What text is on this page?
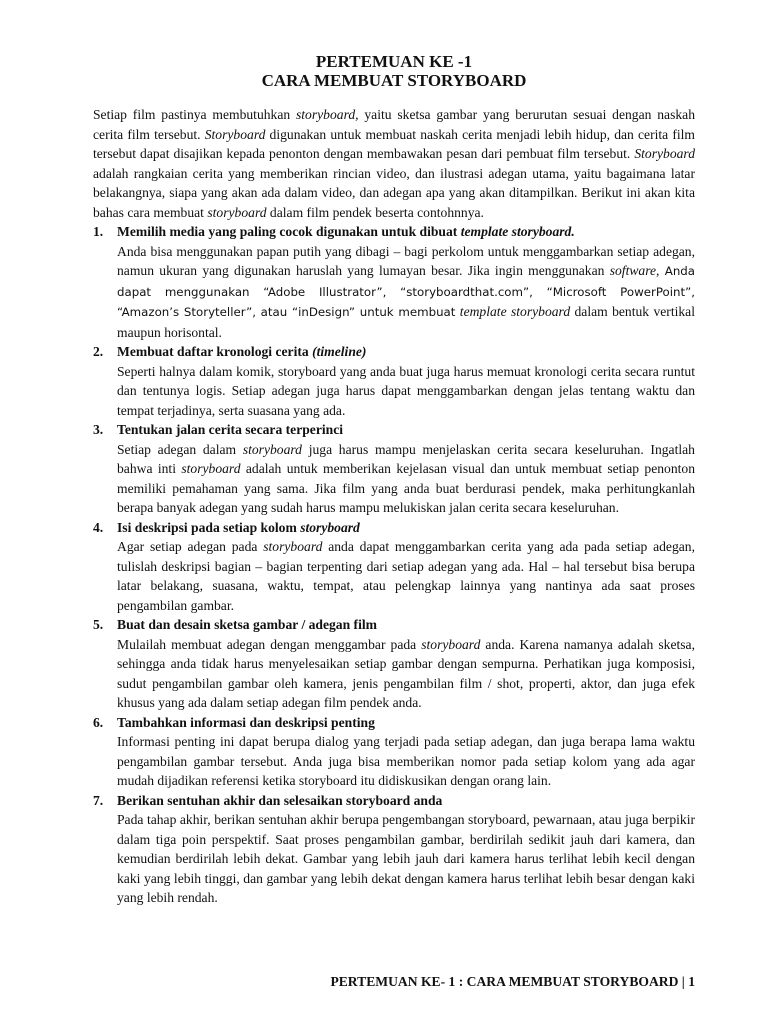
PERTEMUAN KE -1
CARA MEMBUAT STORYBOARD
Setiap film pastinya membutuhkan storyboard, yaitu sketsa gambar yang berurutan sesuai dengan naskah cerita film tersebut. Storyboard digunakan untuk membuat naskah cerita menjadi lebih hidup, dan cerita film tersebut dapat disajikan kepada penonton dengan membawakan pesan dari pembuat film tersebut. Storyboard adalah rangkaian cerita yang memberikan rincian video, dan ilustrasi adegan utama, yaitu bagaimana latar belakangnya, siapa yang akan ada dalam video, dan adegan apa yang akan ditampilkan. Berikut ini akan kita bahas cara membuat storyboard dalam film pendek beserta contohnnya.
1. Memilih media yang paling cocok digunakan untuk dibuat template storyboard.
Anda bisa menggunakan papan putih yang dibagi – bagi perkolom untuk menggambarkan setiap adegan, namun ukuran yang digunakan haruslah yang lumayan besar. Jika ingin menggunakan software, Anda dapat menggunakan “Adobe Illustrator”, “storyboardthat.com”, “Microsoft PowerPoint”, “Amazon’s Storyteller”, atau “inDesign” untuk membuat template storyboard dalam bentuk vertikal maupun horisontal.
2. Membuat daftar kronologi cerita (timeline)
Seperti halnya dalam komik, storyboard yang anda buat juga harus memuat kronologi cerita secara runtut dan tentunya logis. Setiap adegan juga harus dapat menggambarkan dengan jelas tentang waktu dan tempat terjadinya, serta suasana yang ada.
3. Tentukan jalan cerita secara terperinci
Setiap adegan dalam storyboard juga harus mampu menjelaskan cerita secara keseluruhan. Ingatlah bahwa inti storyboard adalah untuk memberikan kejelasan visual dan untuk membuat setiap penonton memiliki pemahaman yang sama. Jika film yang anda buat berdurasi pendek, maka perhitungkanlah berapa banyak adegan yang sudah harus mampu melukiskan jalan cerita secara keseluruhan.
4. Isi deskripsi pada setiap kolom storyboard
Agar setiap adegan pada storyboard anda dapat menggambarkan cerita yang ada pada setiap adegan, tulislah deskripsi bagian – bagian terpenting dari setiap adegan yang ada. Hal – hal tersebut bisa berupa latar belakang, suasana, waktu, tempat, atau pelengkap lainnya yang nantinya ada saat proses pengambilan gambar.
5. Buat dan desain sketsa gambar / adegan film
Mulailah membuat adegan dengan menggambar pada storyboard anda. Karena namanya adalah sketsa, sehingga anda tidak harus menyelesaikan setiap gambar dengan sempurna. Perhatikan juga komposisi, sudut pengambilan gambar oleh kamera, jenis pengambilan film / shot, properti, aktor, dan juga efek khusus yang ada dalam setiap adegan film pendek anda.
6. Tambahkan informasi dan deskripsi penting
Informasi penting ini dapat berupa dialog yang terjadi pada setiap adegan, dan juga berapa lama waktu pengambilan gambar tersebut. Anda juga bisa memberikan nomor pada setiap kolom yang ada agar mudah dijadikan referensi ketika storyboard itu didiskusikan dengan orang lain.
7. Berikan sentuhan akhir dan selesaikan storyboard anda
Pada tahap akhir, berikan sentuhan akhir berupa pengembangan storyboard, pewarnaan, atau juga berpikir dalam tiga poin perspektif. Saat proses pengambilan gambar, berdirilah sedikit jauh dari kamera, dan kemudian berdirilah lebih dekat. Gambar yang lebih jauh dari kamera harus terlihat lebih kecil dengan kaki yang lebih tinggi, dan gambar yang lebih dekat dengan kamera harus terlihat lebih besar dengan kaki yang lebih rendah.
PERTEMUAN KE- 1 : CARA MEMBUAT STORYBOARD | 1
